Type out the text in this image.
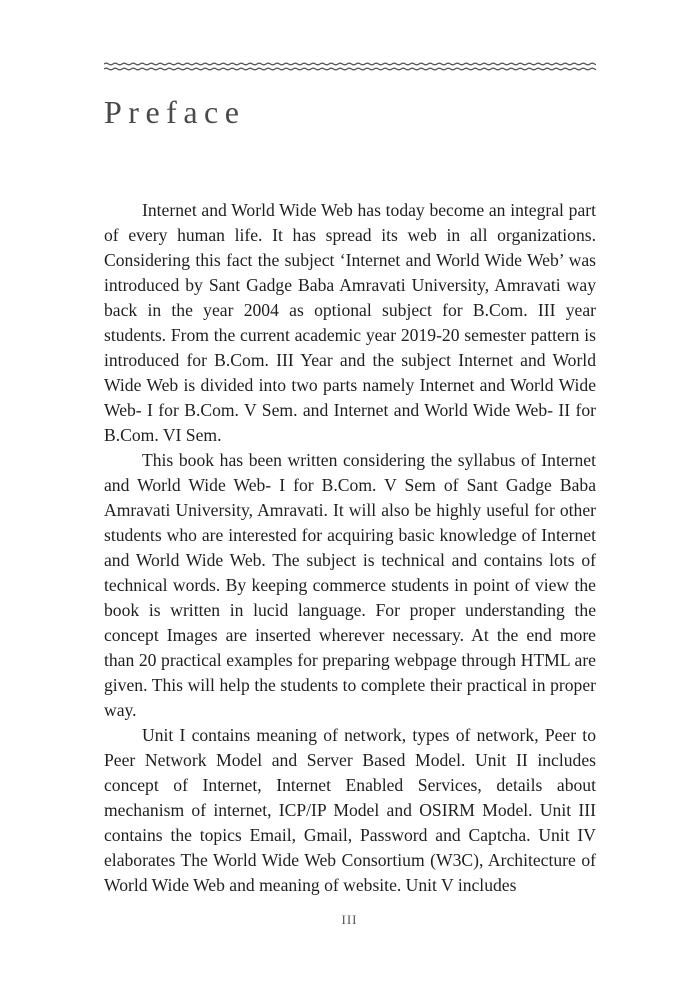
Preface

Internet and World Wide Web has today become an integral part of every human life. It has spread its web in all organizations. Considering this fact the subject ‘Internet and World Wide Web’ was introduced by Sant Gadge Baba Amravati University, Amravati way back in the year 2004 as optional subject for B.Com. III year students. From the current academic year 2019-20 semester pattern is introduced for B.Com. III Year and the subject Internet and World Wide Web is divided into two parts namely Internet and World Wide Web- I for B.Com. V Sem. and Internet and World Wide Web- II for B.Com. VI Sem.

This book has been written considering the syllabus of Internet and World Wide Web- I for B.Com. V Sem of Sant Gadge Baba Amravati University, Amravati. It will also be highly useful for other students who are interested for acquiring basic knowledge of Internet and World Wide Web. The subject is technical and contains lots of technical words. By keeping commerce students in point of view the book is written in lucid language. For proper understanding the concept Images are inserted wherever necessary. At the end more than 20 practical examples for preparing webpage through HTML are given. This will help the students to complete their practical in proper way.

Unit I contains meaning of network, types of network, Peer to Peer Network Model and Server Based Model. Unit II includes concept of Internet, Internet Enabled Services, details about mechanism of internet, ICP/IP Model and OSIRM Model. Unit III contains the topics Email, Gmail, Password and Captcha. Unit IV elaborates The World Wide Web Consortium (W3C), Architecture of World Wide Web and meaning of website. Unit V includes

III
